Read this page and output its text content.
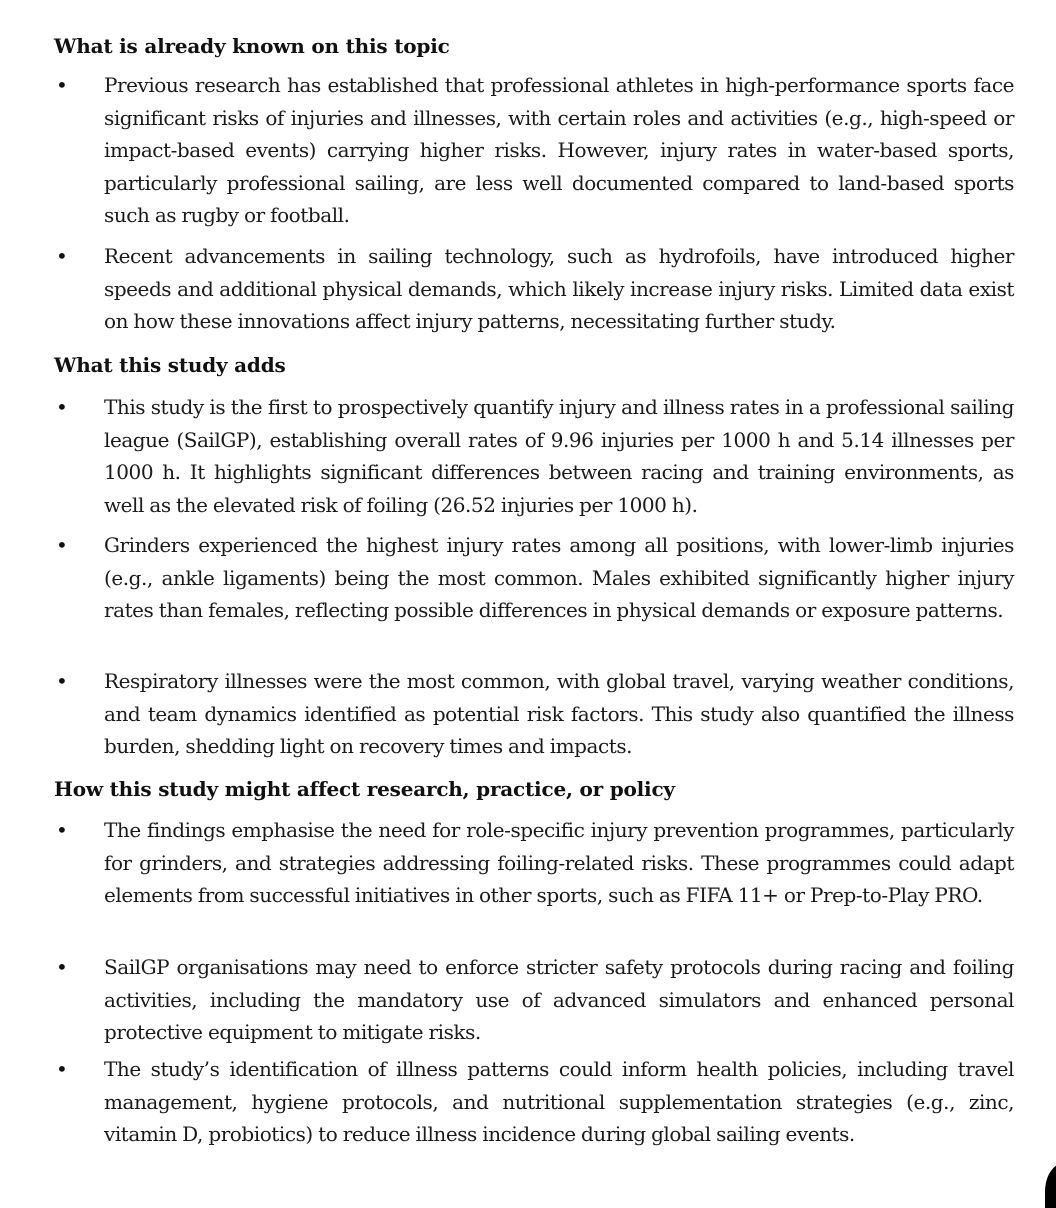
What is already known on this topic
• Previous research has established that professional athletes in high-performance sports face significant risks of injuries and illnesses, with certain roles and activities (e.g., high-speed or impact-based events) carrying higher risks. However, injury rates in water-based sports, particularly professional sailing, are less well documented compared to land-based sports such as rugby or football.
• Recent advancements in sailing technology, such as hydrofoils, have introduced higher speeds and additional physical demands, which likely increase injury risks. Limited data exist on how these innovations affect injury patterns, necessitating further study.
What this study adds
• This study is the first to prospectively quantify injury and illness rates in a professional sailing league (SailGP), establishing overall rates of 9.96 injuries per 1000 h and 5.14 illnesses per 1000 h. It highlights significant differences between racing and training environments, as well as the elevated risk of foiling (26.52 injuries per 1000 h).
• Grinders experienced the highest injury rates among all positions, with lower-limb injuries (e.g., ankle ligaments) being the most common. Males exhibited significantly higher injury rates than females, reflecting possible differences in physical demands or exposure patterns.
• Respiratory illnesses were the most common, with global travel, varying weather conditions, and team dynamics identified as potential risk factors. This study also quantified the illness burden, shedding light on recovery times and impacts.
How this study might affect research, practice, or policy
• The findings emphasise the need for role-specific injury prevention programmes, particularly for grinders, and strategies addressing foiling-related risks. These programmes could adapt elements from successful initiatives in other sports, such as FIFA 11+ or Prep-to-Play PRO.
• SailGP organisations may need to enforce stricter safety protocols during racing and foiling activities, including the mandatory use of advanced simulators and enhanced personal protective equipment to mitigate risks.
• The study’s identification of illness patterns could inform health policies, including travel management, hygiene protocols, and nutritional supplementation strategies (e.g., zinc, vitamin D, probiotics) to reduce illness incidence during global sailing events.
